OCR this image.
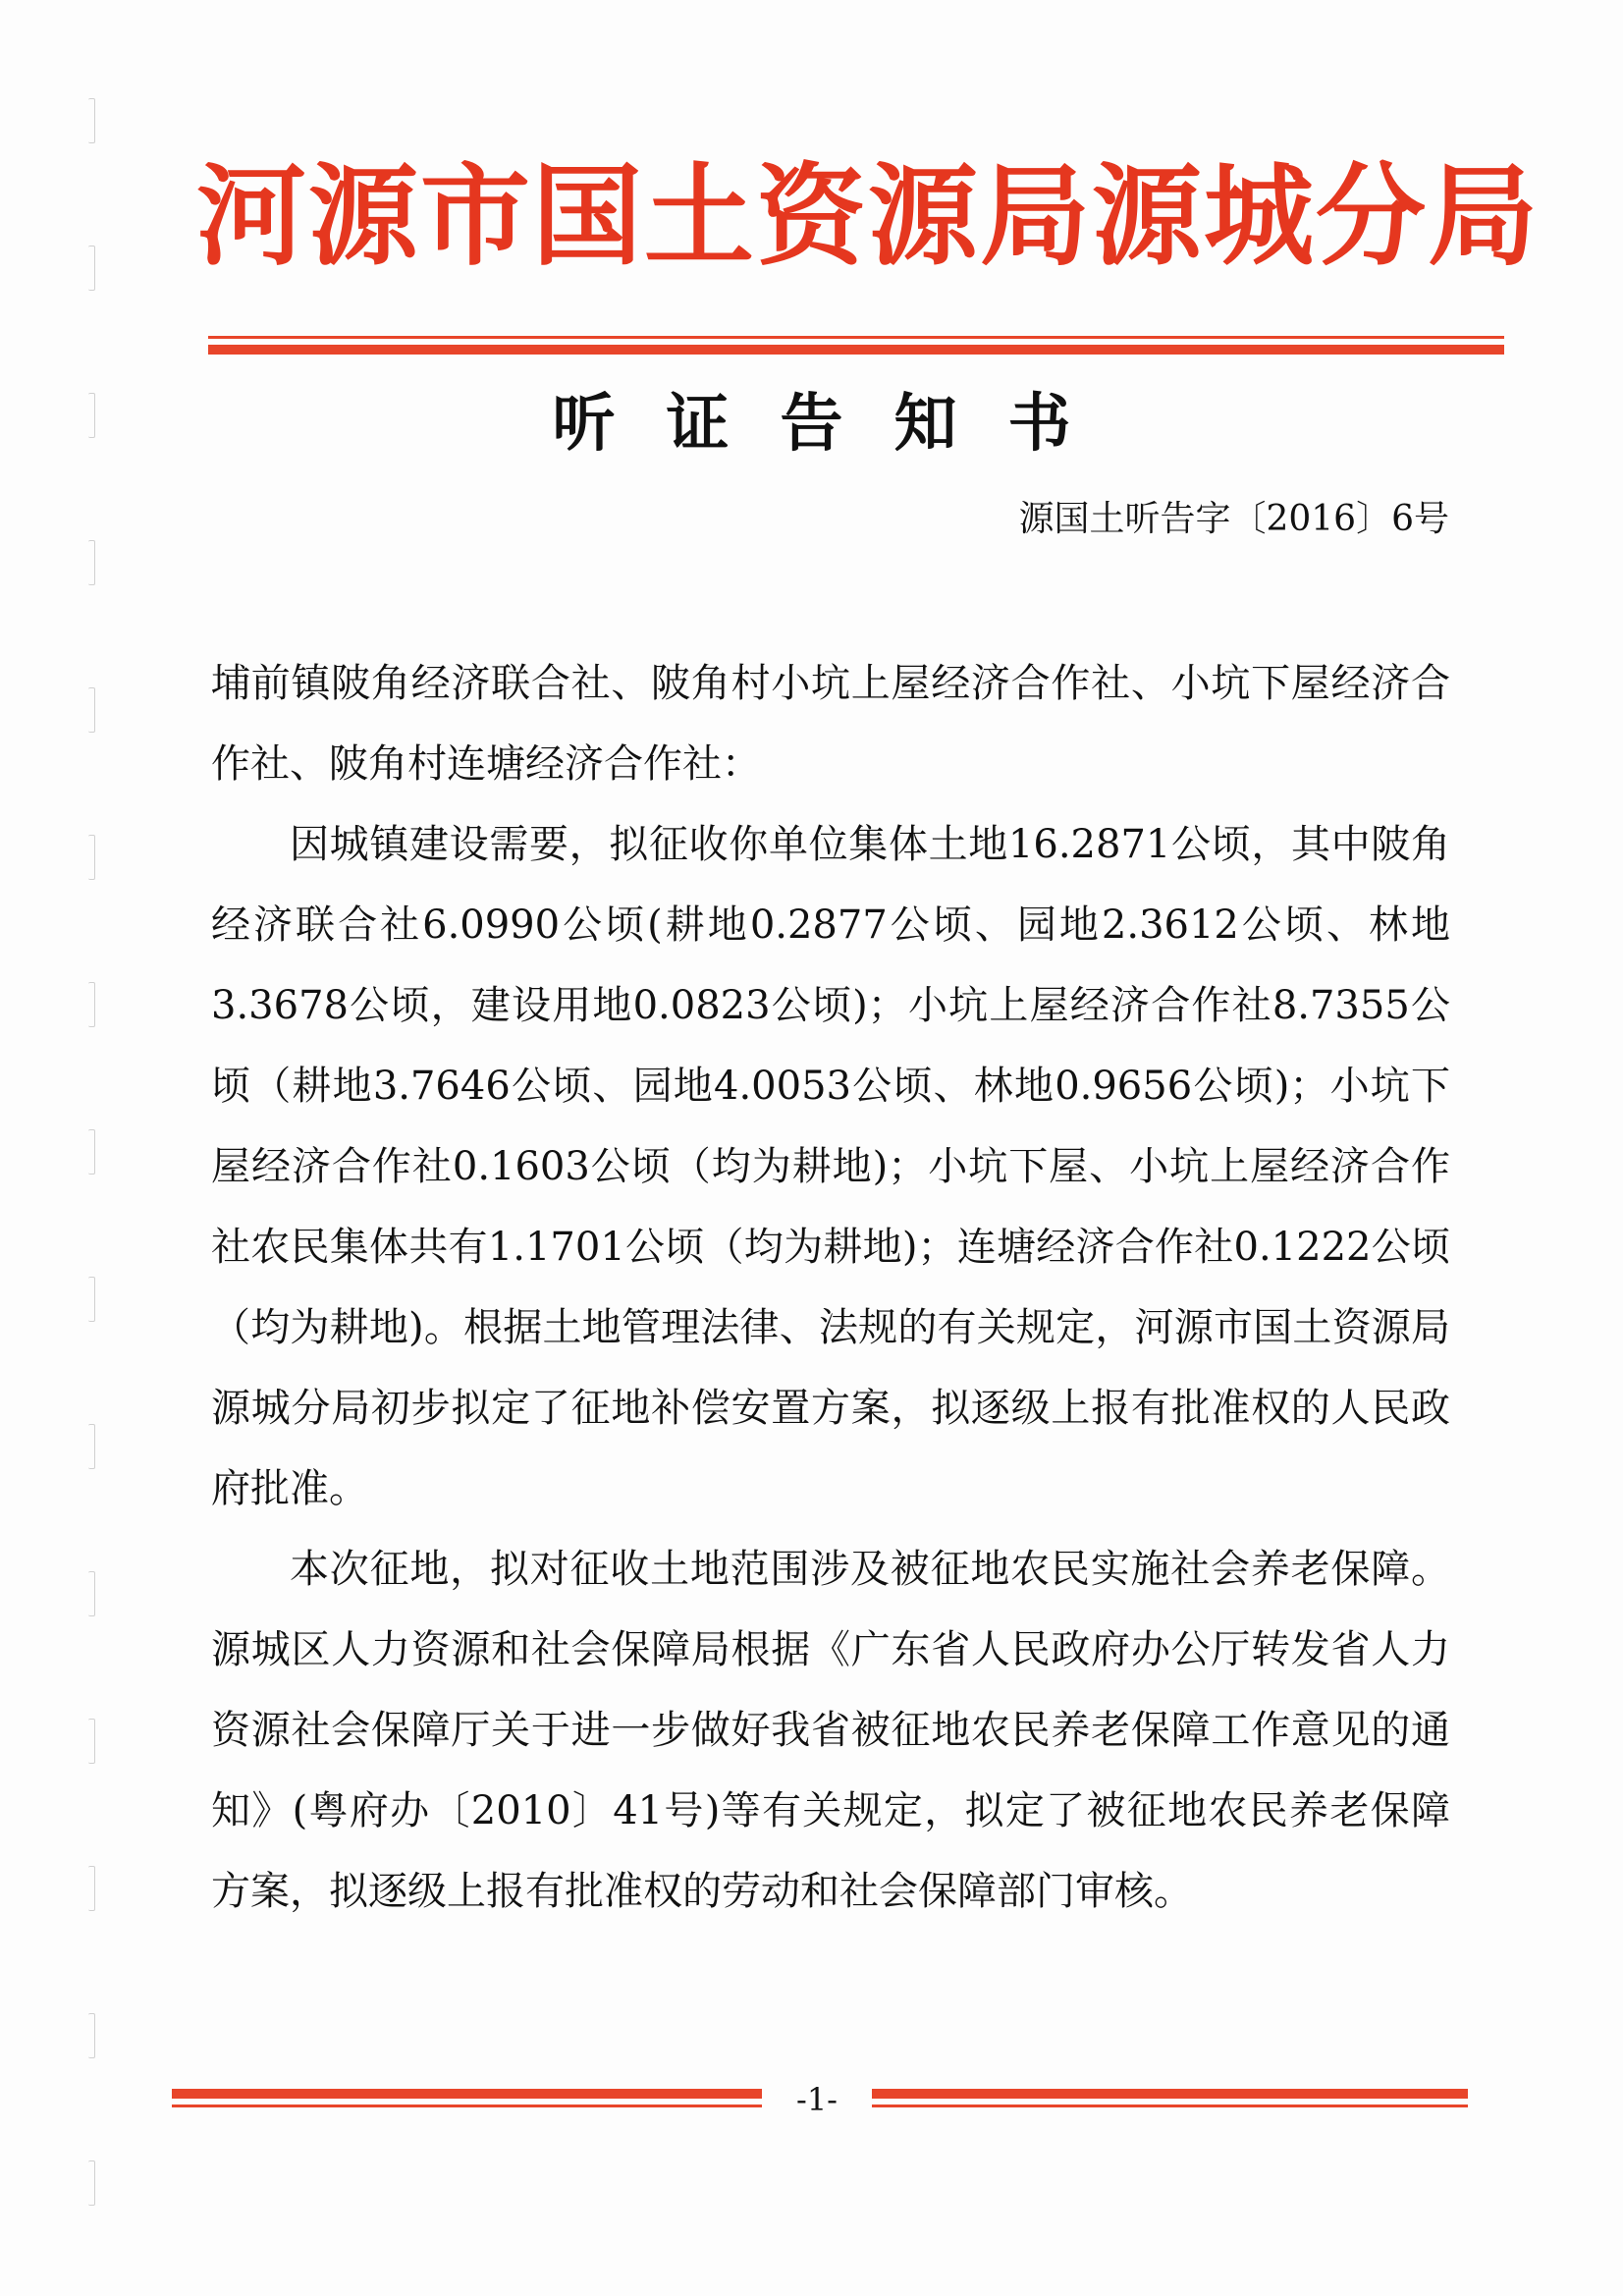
河源市国土资源局源城分局
听证告知书
源国土听告字〔2016〕6号

埔前镇陂角经济联合社、陂角村小坑上屋经济合作社、小坑下屋经济合作社、陂角村连塘经济合作社：

因城镇建设需要，拟征收你单位集体土地16.2871公顷，其中陂角经济联合社6.0990公顷(耕地0.2877公顷、园地2.3612公顷、林地3.3678公顷，建设用地0.0823公顷)；小坑上屋经济合作社8.7355公顷（耕地3.7646公顷、园地4.0053公顷、林地0.9656公顷)；小坑下屋经济合作社0.1603公顷（均为耕地)；小坑下屋、小坑上屋经济合作社农民集体共有1.1701公顷（均为耕地)；连塘经济合作社0.1222公顷（均为耕地)。根据土地管理法律、法规的有关规定，河源市国土资源局源城分局初步拟定了征地补偿安置方案，拟逐级上报有批准权的人民政府批准。

本次征地，拟对征收土地范围涉及被征地农民实施社会养老保障。源城区人力资源和社会保障局根据《广东省人民政府办公厅转发省人力资源社会保障厅关于进一步做好我省被征地农民养老保障工作意见的通知》(粤府办〔2010〕41号)等有关规定，拟定了被征地农民养老保障方案，拟逐级上报有批准权的劳动和社会保障部门审核。

-1-
